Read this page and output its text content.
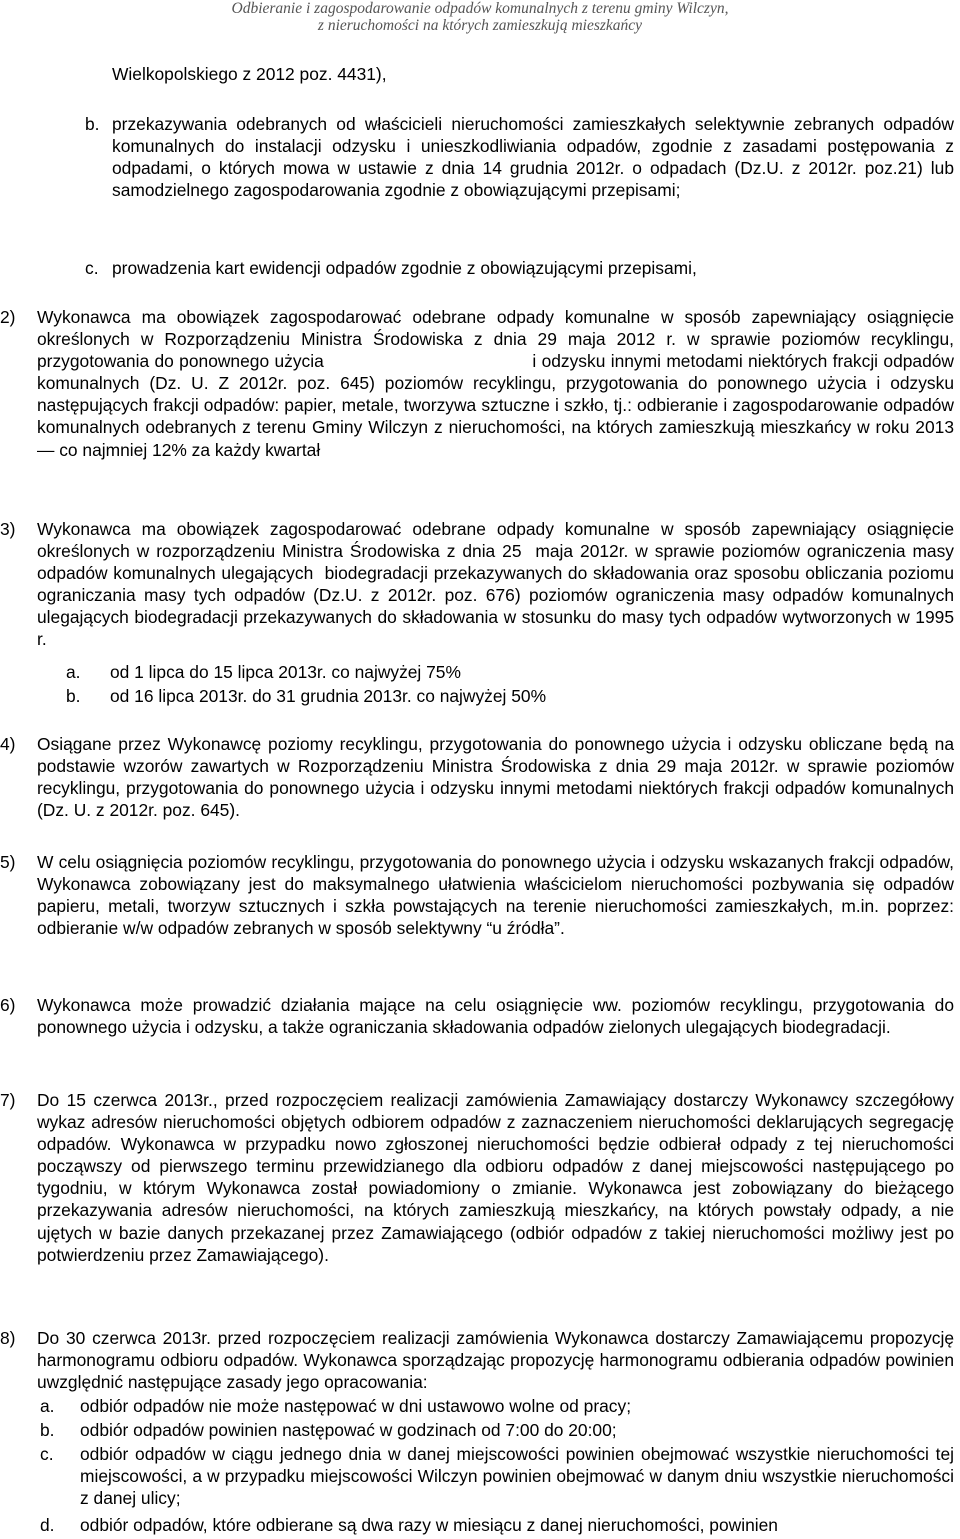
Odbieranie i zagospodarowanie odpadów komunalnych z terenu gminy Wilczyn,
z nieruchomości na których zamieszkują mieszkańcy
Wielkopolskiego z 2012 poz. 4431),
b. przekazywania odebranych od właścicieli nieruchomości zamieszkałych selektywnie zebranych odpadów komunalnych do instalacji odzysku i unieszkodliwiania odpadów, zgodnie z zasadami postępowania z odpadami, o których mowa w ustawie z dnia 14 grudnia 2012r. o odpadach (Dz.U. z 2012r. poz.21) lub samodzielnego zagospodarowania zgodnie z obowiązującymi przepisami;
c. prowadzenia kart ewidencji odpadów zgodnie z obowiązującymi przepisami,
2) Wykonawca ma obowiązek zagospodarować odebrane odpady komunalne w sposób zapewniający osiągnięcie określonych w Rozporządzeniu Ministra Środowiska z dnia 29 maja 2012 r. w sprawie poziomów recyklingu, przygotowania do ponownego użycia                                       i odzysku innymi metodami niektórych frakcji odpadów komunalnych (Dz. U. Z 2012r. poz. 645) poziomów recyklingu, przygotowania do ponownego użycia i odzysku następujących frakcji odpadów: papier, metale, tworzywa sztuczne i szkło, tj.: odbieranie i zagospodarowanie odpadów komunalnych odebranych z terenu Gminy Wilczyn z nieruchomości, na których zamieszkują mieszkańcy w roku 2013 — co najmniej 12% za każdy kwartał
3) Wykonawca ma obowiązek zagospodarować odebrane odpady komunalne w sposób zapewniający osiągnięcie określonych w rozporządzeniu Ministra Środowiska z dnia 25  maja 2012r. w sprawie poziomów ograniczenia masy odpadów komunalnych ulegających  biodegradacji przekazywanych do składowania oraz sposobu obliczania poziomu ograniczania masy tych odpadów (Dz.U. z 2012r. poz. 676) poziomów ograniczenia masy odpadów komunalnych ulegających biodegradacji przekazywanych do składowania w stosunku do masy tych odpadów wytworzonych w 1995 r.
a. od 1 lipca do 15 lipca 2013r. co najwyżej 75%
b. od 16 lipca 2013r. do 31 grudnia 2013r. co najwyżej 50%
4) Osiągane przez Wykonawcę poziomy recyklingu, przygotowania do ponownego użycia i odzysku obliczane będą na podstawie wzorów zawartych w Rozporządzeniu Ministra Środowiska z dnia 29 maja 2012r. w sprawie poziomów recyklingu, przygotowania do ponownego użycia i odzysku innymi metodami niektórych frakcji odpadów komunalnych (Dz. U. z 2012r. poz. 645).
5) W celu osiągnięcia poziomów recyklingu, przygotowania do ponownego użycia i odzysku wskazanych frakcji odpadów, Wykonawca zobowiązany jest do maksymalnego ułatwienia właścicielom nieruchomości pozbywania się odpadów papieru, metali, tworzyw sztucznych i szkła powstających na terenie nieruchomości zamieszkałych, m.in. poprzez: odbieranie w/w odpadów zebranych w sposób selektywny “u źródła”.
6) Wykonawca może prowadzić działania mające na celu osiągnięcie ww. poziomów recyklingu, przygotowania do ponownego użycia i odzysku, a także ograniczania składowania odpadów zielonych ulegających biodegradacji.
7) Do 15 czerwca 2013r., przed rozpoczęciem realizacji zamówienia Zamawiający dostarczy Wykonawcy szczegółowy wykaz adresów nieruchomości objętych odbiorem odpadów z zaznaczeniem nieruchomości deklarujących segregację odpadów. Wykonawca w przypadku nowo zgłoszonej nieruchomości będzie odbierał odpady z tej nieruchomości począwszy od pierwszego terminu przewidzianego dla odbioru odpadów z danej miejscowości następującego po tygodniu, w którym Wykonawca został powiadomiony o zmianie. Wykonawca jest zobowiązany do bieżącego przekazywania adresów nieruchomości, na których zamieszkują mieszkańcy, na których powstały odpady, a nie ujętych w bazie danych przekazanej przez Zamawiającego (odbiór odpadów z takiej nieruchomości możliwy jest po potwierdzeniu przez Zamawiającego).
8) Do 30 czerwca 2013r. przed rozpoczęciem realizacji zamówienia Wykonawca dostarczy Zamawiającemu propozycję harmonogramu odbioru odpadów. Wykonawca sporządzając propozycję harmonogramu odbierania odpadów powinien uwzględnić następujące zasady jego opracowania:
a. odbiór odpadów nie może następować w dni ustawowo wolne od pracy;
b. odbiór odpadów powinien następować w godzinach od 7:00 do 20:00;
c. odbiór odpadów w ciągu jednego dnia w danej miejscowości powinien obejmować wszystkie nieruchomości tej miejscowości, a w przypadku miejscowości Wilczyn powinien obejmować w danym dniu wszystkie nieruchomości z danej ulicy;
d. odbiór odpadów, które odbierane są dwa razy w miesiącu z danej nieruchomości, powinien
